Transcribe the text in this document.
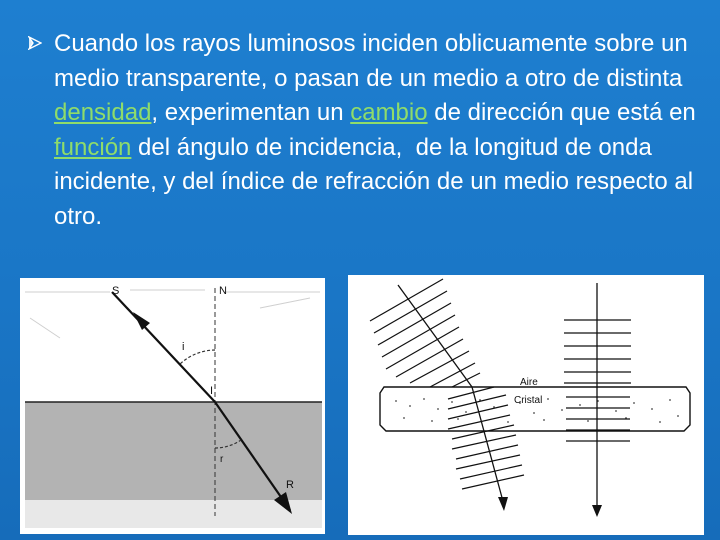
Cuando los rayos luminosos inciden oblicuamente sobre un medio transparente, o pasan de un medio a otro de distinta densidad, experimentan un cambio de dirección que está en función del ángulo de incidencia,  de la longitud de onda incidente, y del índice de refracción de un medio respecto al otro.
S	N
i
I
r
R
Aire
Cristal
